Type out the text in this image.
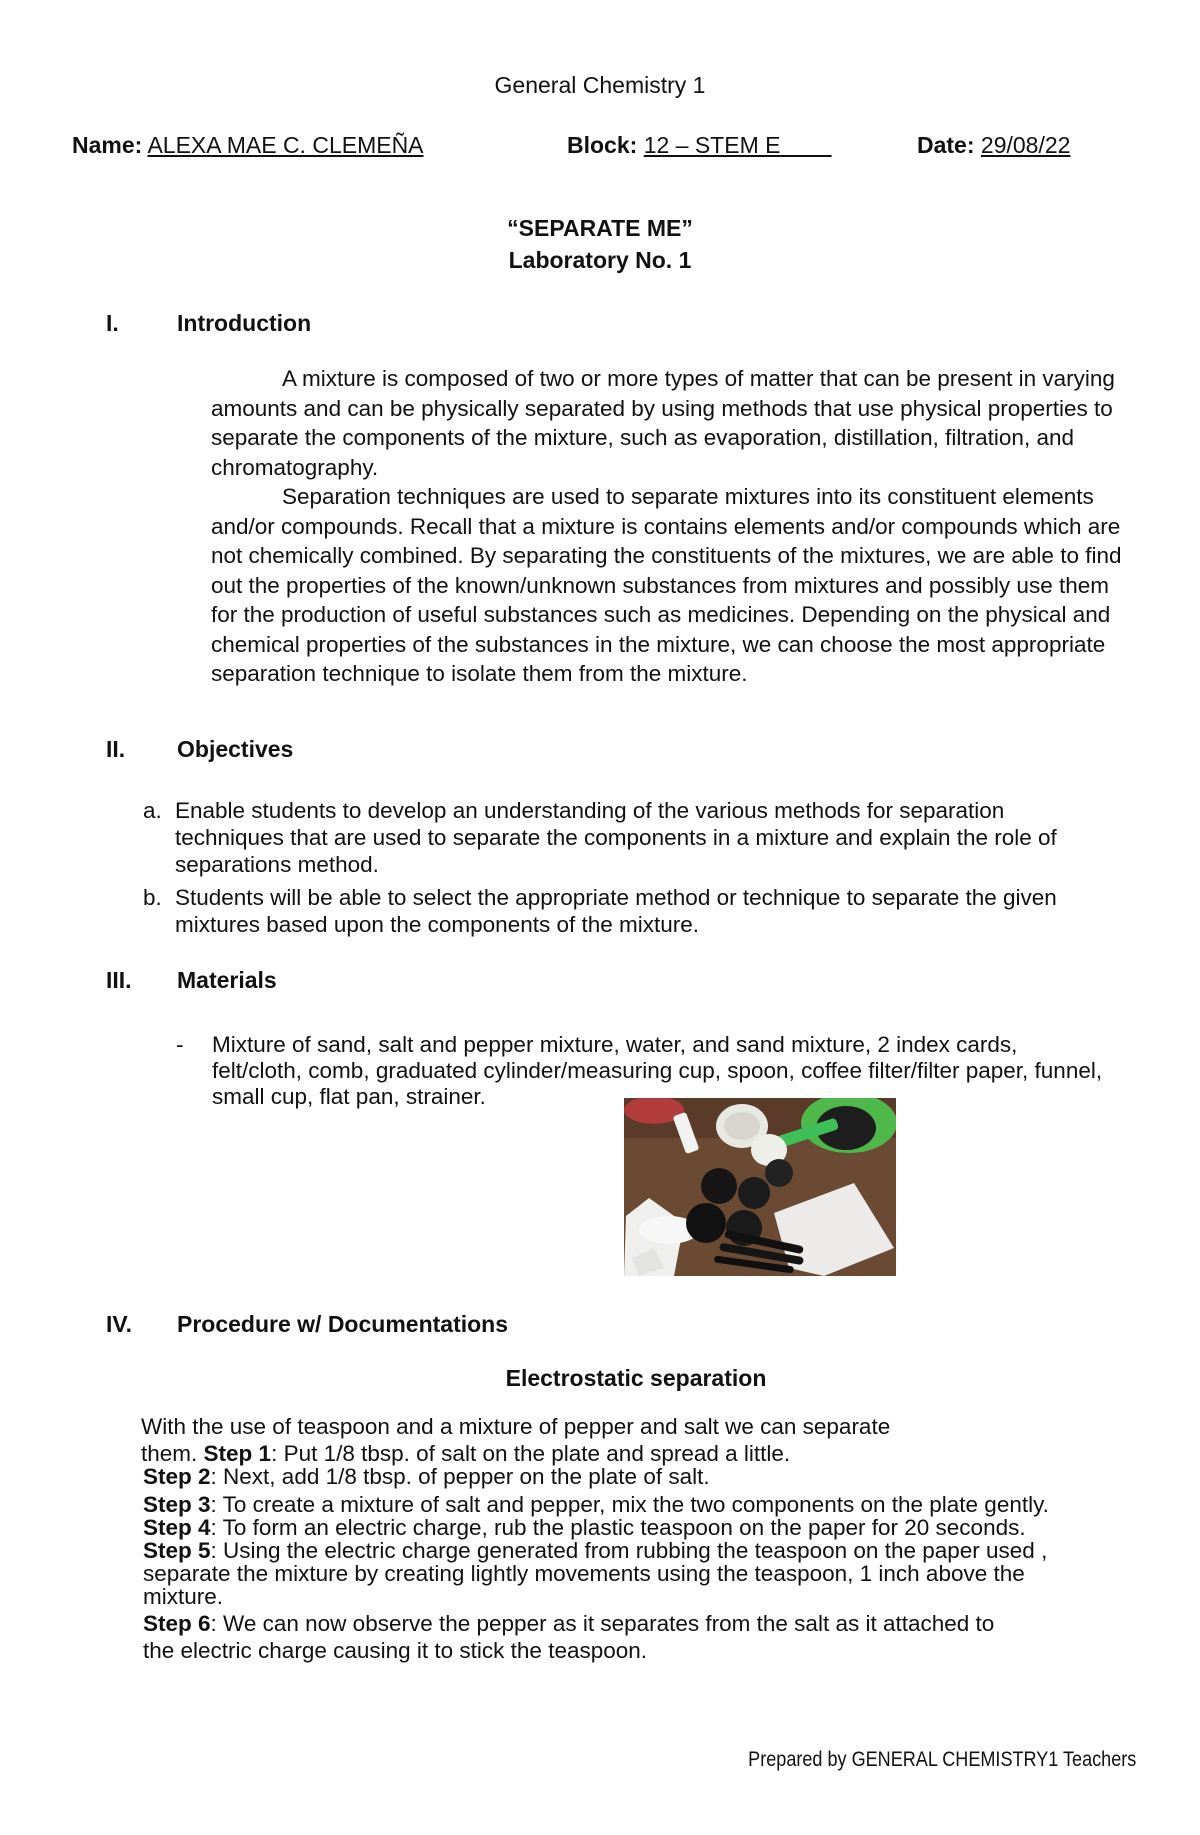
General Chemistry 1
Name: ALEXA MAE C. CLEMEÑA	Block: 12 – STEM E	Date: 29/08/22
“SEPARATE ME”
Laboratory No. 1
I.	Introduction

A mixture is composed of two or more types of matter that can be present in varying amounts and can be physically separated by using methods that use physical properties to separate the components of the mixture, such as evaporation, distillation, filtration, and chromatography.

Separation techniques are used to separate mixtures into its constituent elements and/or compounds. Recall that a mixture is contains elements and/or compounds which are not chemically combined. By separating the constituents of the mixtures, we are able to find out the properties of the known/unknown substances from mixtures and possibly use them for the production of useful substances such as medicines. Depending on the physical and chemical properties of the substances in the mixture, we can choose the most appropriate separation technique to isolate them from the mixture.

II. Objectives
a. Enable students to develop an understanding of the various methods for separation techniques that are used to separate the components in a mixture and explain the role of separations method.
b. Students will be able to select the appropriate method or technique to separate the given mixtures based upon the components of the mixture.
III. Materials
- Mixture of sand, salt and pepper mixture, water, and sand mixture, 2 index cards, felt/cloth, comb, graduated cylinder/measuring cup, spoon, coffee filter/filter paper, funnel, small cup, flat pan, strainer.
IV. Procedure w/ Documentations
Electrostatic separation
With the use of teaspoon and a mixture of pepper and salt we can separate
them. Step 1: Put 1/8 tbsp. of salt on the plate and spread a little.
Step 2: Next, add 1/8 tbsp. of pepper on the plate of salt.
Step 3: To create a mixture of salt and pepper, mix the two components on the plate gently.
Step 4: To form an electric charge, rub the plastic teaspoon on the paper for 20 seconds.
Step 5: Using the electric charge generated from rubbing the teaspoon on the paper used ,
separate the mixture by creating lightly movements using the teaspoon, 1 inch above the
mixture.
Step 6: We can now observe the pepper as it separates from the salt as it attached to
the electric charge causing it to stick the teaspoon.
Prepared by GENERAL CHEMISTRY1 Teachers
